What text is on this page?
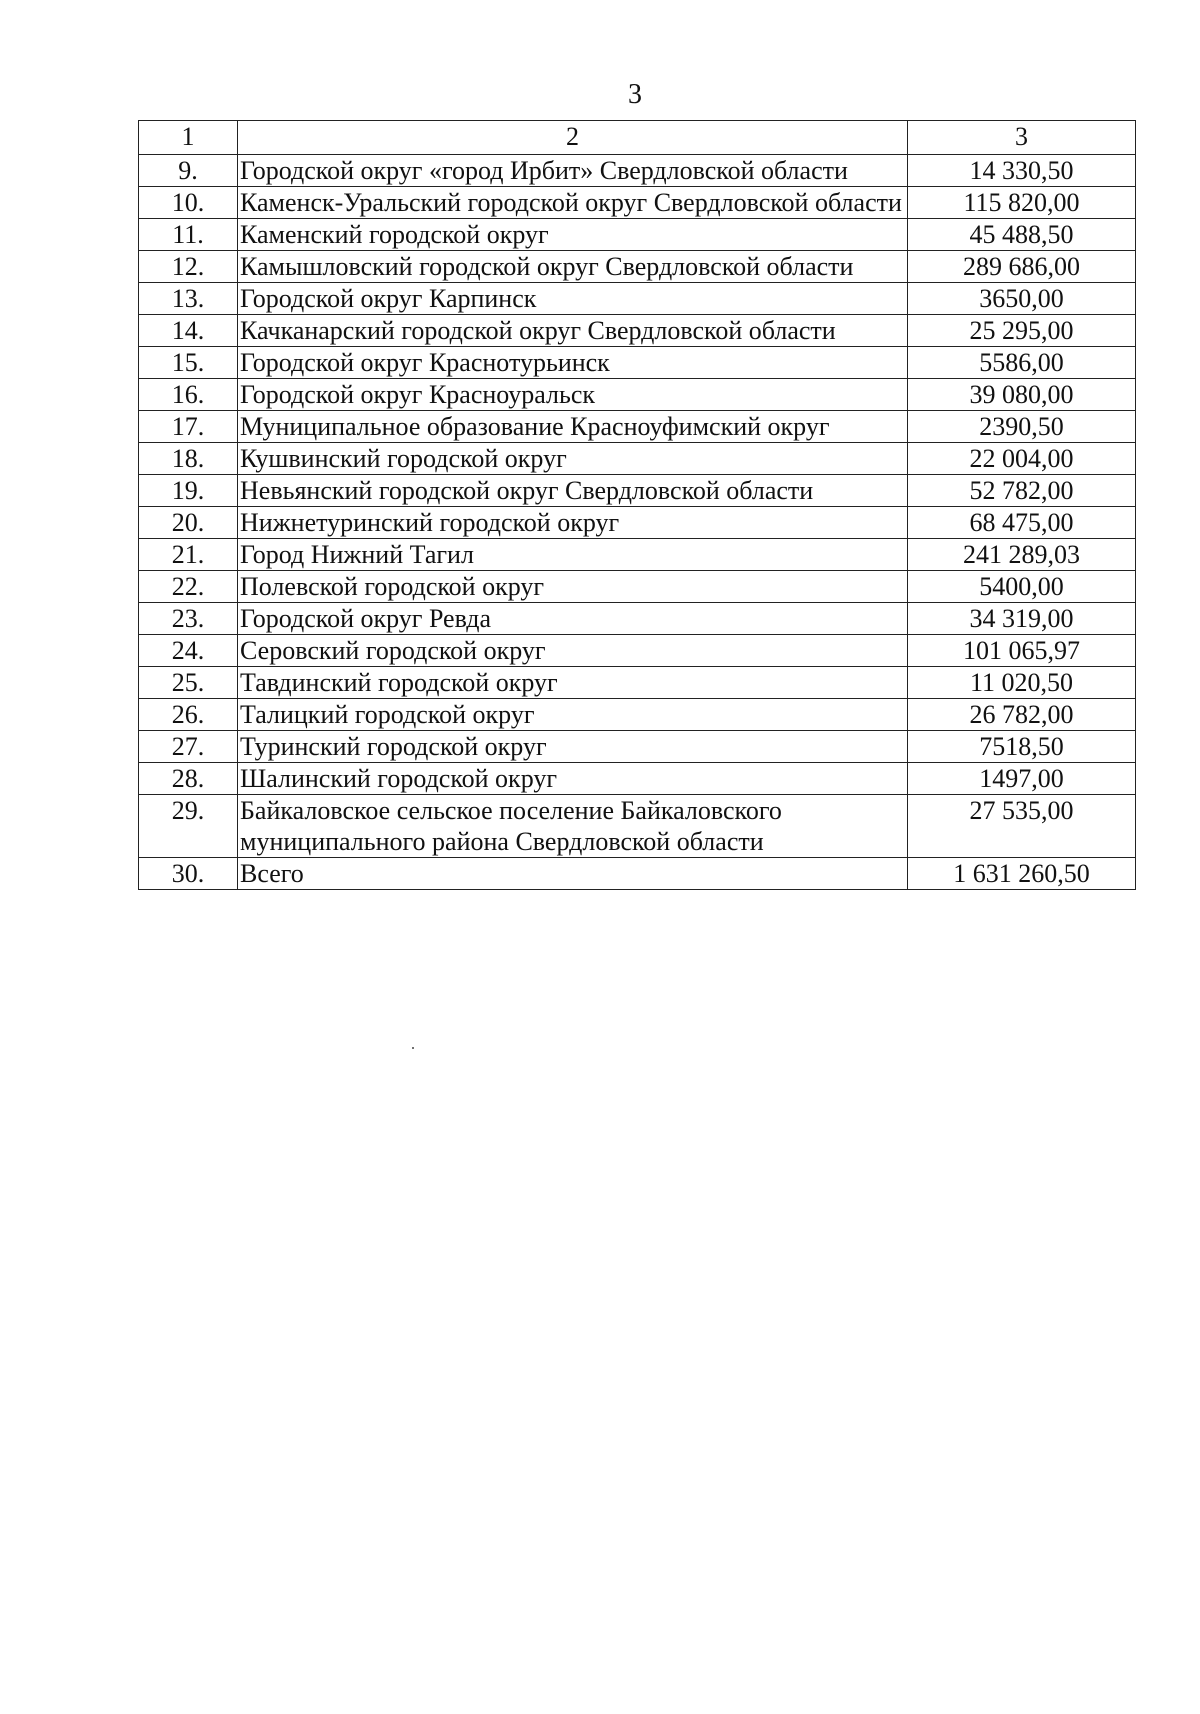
3
1	2	3
9.	Городской округ «город Ирбит» Свердловской области	14 330,50
10.	Каменск-Уральский городской округ Свердловской области	115 820,00
11.	Каменский городской округ	45 488,50
12.	Камышловский городской округ Свердловской области	289 686,00
13.	Городской округ Карпинск	3650,00
14.	Качканарский городской округ Свердловской области	25 295,00
15.	Городской округ Краснотурьинск	5586,00
16.	Городской округ Красноуральск	39 080,00
17.	Муниципальное образование Красноуфимский округ	2390,50
18.	Кушвинский городской округ	22 004,00
19.	Невьянский городской округ Свердловской области	52 782,00
20.	Нижнетуринский городской округ	68 475,00
21.	Город Нижний Тагил	241 289,03
22.	Полевской городской округ	5400,00
23.	Городской округ Ревда	34 319,00
24.	Серовский городской округ	101 065,97
25.	Тавдинский городской округ	11 020,50
26.	Талицкий городской округ	26 782,00
27.	Туринский городской округ	7518,50
28.	Шалинский городской округ	1497,00
29.	Байкаловское сельское поселение Байкаловского муниципального района Свердловской области	27 535,00
30.	Всего	1 631 260,50
